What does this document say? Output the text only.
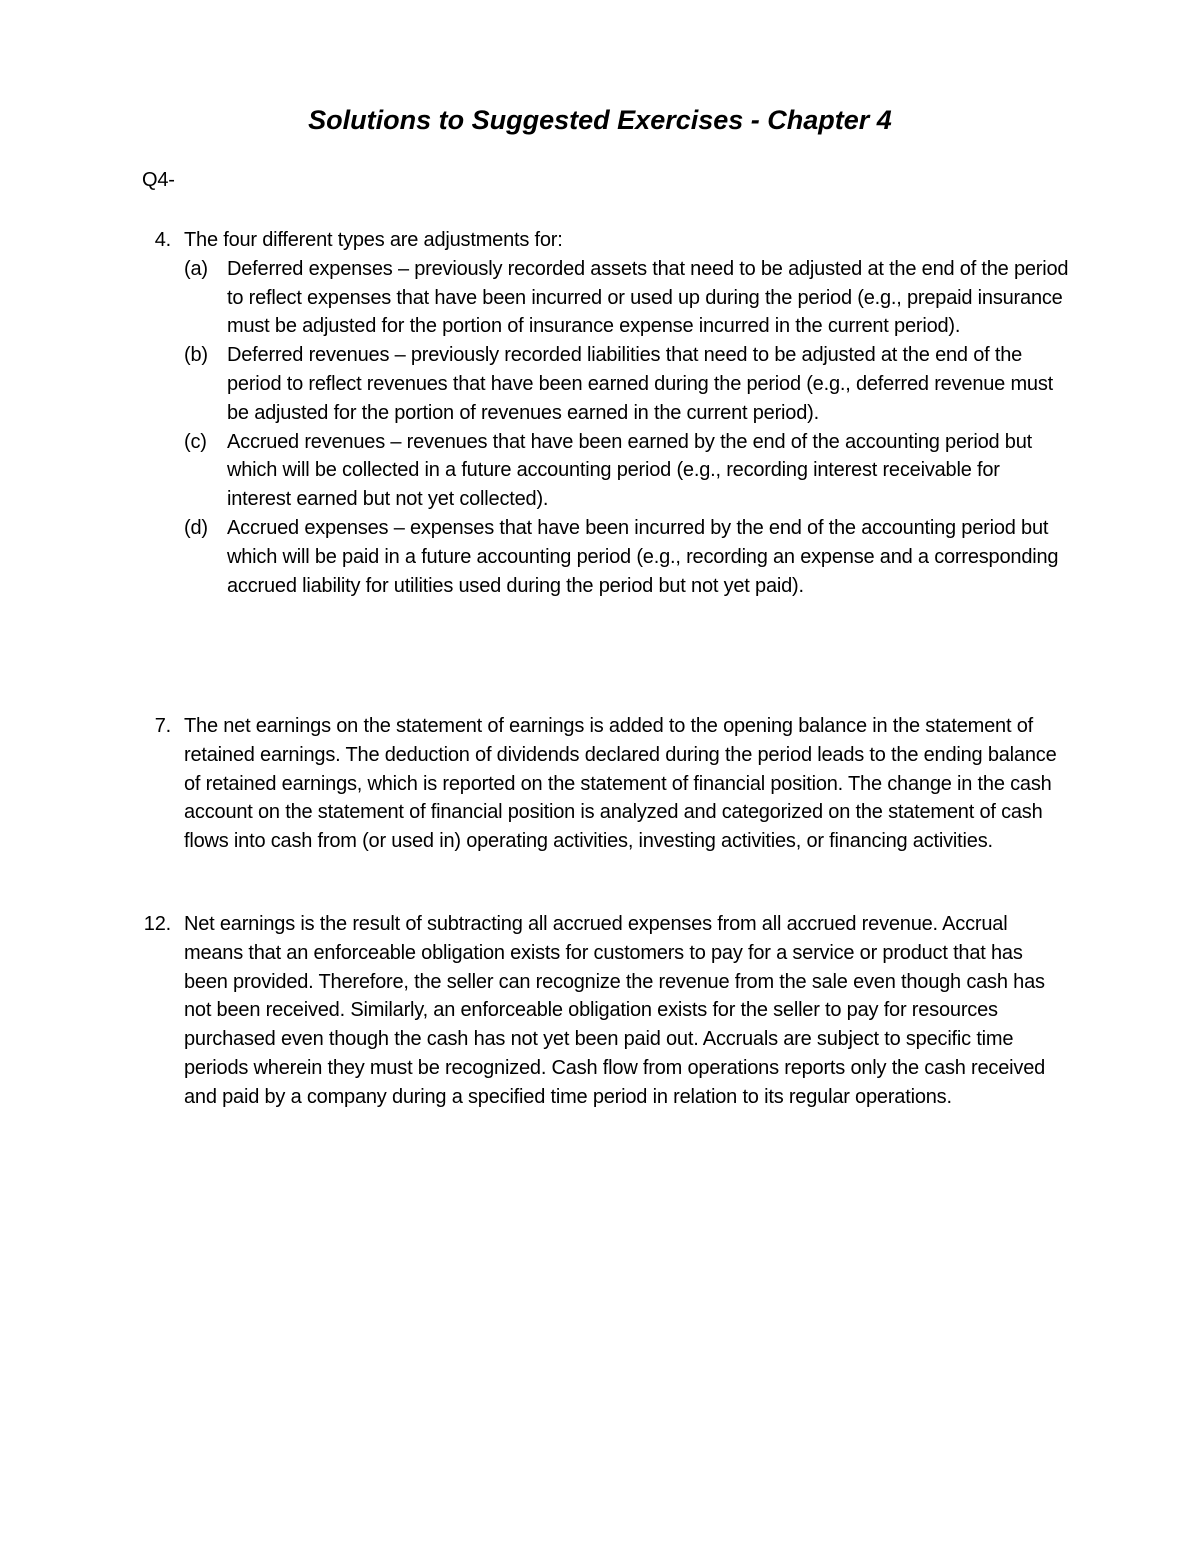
Solutions to Suggested Exercises - Chapter 4
Q4-
4. The four different types are adjustments for:
(a) Deferred expenses – previously recorded assets that need to be adjusted at the end of the period to reflect expenses that have been incurred or used up during the period (e.g., prepaid insurance must be adjusted for the portion of insurance expense incurred in the current period).
(b) Deferred revenues – previously recorded liabilities that need to be adjusted at the end of the period to reflect revenues that have been earned during the period (e.g., deferred revenue must be adjusted for the portion of revenues earned in the current period).
(c) Accrued revenues – revenues that have been earned by the end of the accounting period but which will be collected in a future accounting period (e.g., recording interest receivable for interest earned but not yet collected).
(d) Accrued expenses – expenses that have been incurred by the end of the accounting period but which will be paid in a future accounting period (e.g., recording an expense and a corresponding accrued liability for utilities used during the period but not yet paid).
7. The net earnings on the statement of earnings is added to the opening balance in the statement of retained earnings. The deduction of dividends declared during the period leads to the ending balance of retained earnings, which is reported on the statement of financial position. The change in the cash account on the statement of financial position is analyzed and categorized on the statement of cash flows into cash from (or used in) operating activities, investing activities, or financing activities.
12. Net earnings is the result of subtracting all accrued expenses from all accrued revenue. Accrual means that an enforceable obligation exists for customers to pay for a service or product that has been provided. Therefore, the seller can recognize the revenue from the sale even though cash has not been received. Similarly, an enforceable obligation exists for the seller to pay for resources purchased even though the cash has not yet been paid out. Accruals are subject to specific time periods wherein they must be recognized. Cash flow from operations reports only the cash received and paid by a company during a specified time period in relation to its regular operations.
